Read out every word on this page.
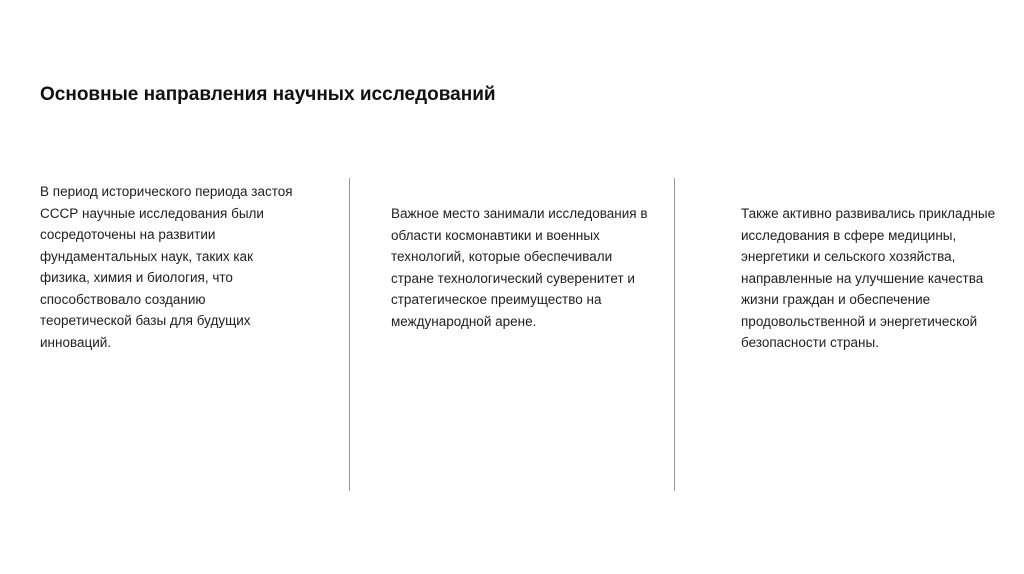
Основные направления научных исследований

В период исторического периода застоя
СССР научные исследования были
сосредоточены на развитии
фундаментальных наук, таких как
физика, химия и биология, что
способствовало созданию
теоретической базы для будущих
инноваций.

Важное место занимали исследования в
области космонавтики и военных
технологий, которые обеспечивали
стране технологический суверенитет и
стратегическое преимущество на
международной арене.

Также активно развивались прикладные
исследования в сфере медицины,
энергетики и сельского хозяйства,
направленные на улучшение качества
жизни граждан и обеспечение
продовольственной и энергетической
безопасности страны.
